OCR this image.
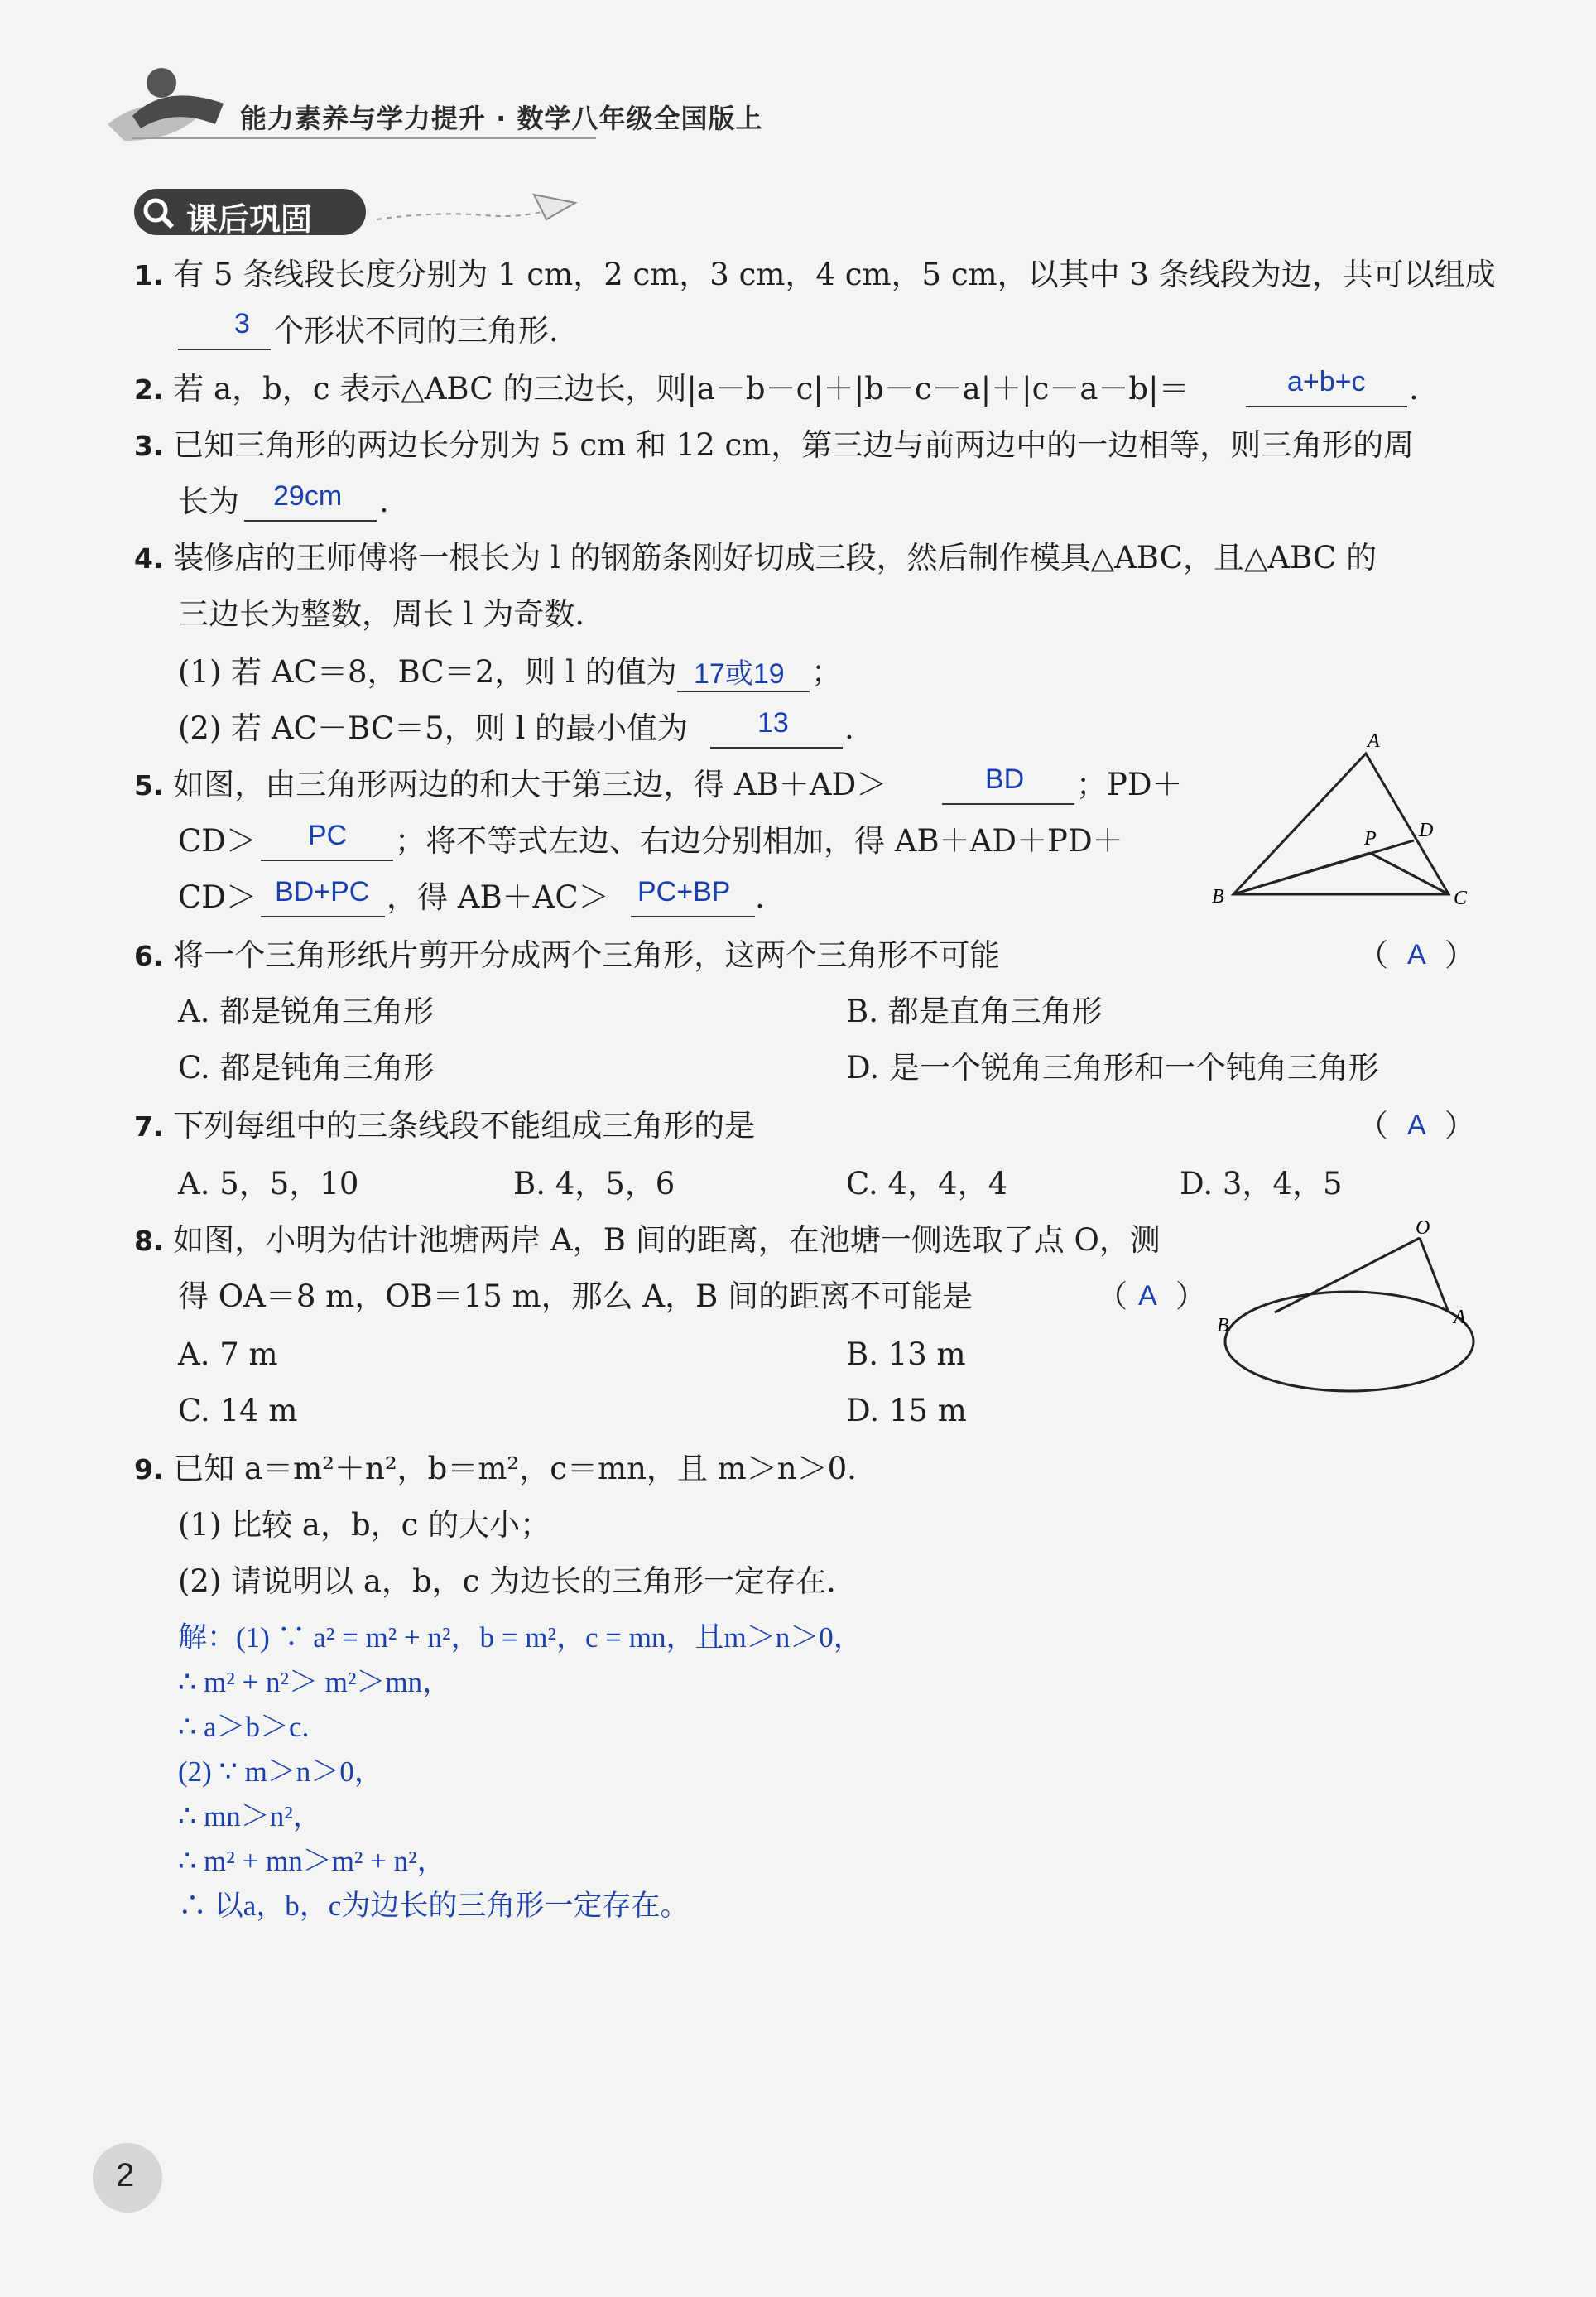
能力素养与学力提升 · 数学八年级全国版上
课后巩固
1. 有 5 条线段长度分别为 1 cm，2 cm，3 cm，4 cm，5 cm，以其中 3 条线段为边，共可以组成
个形状不同的三角形.
3
2. 若 a，b，c 表示△ABC 的三边长，则|a－b－c|＋|b－c－a|＋|c－a－b|＝	a+b+c .
3. 已知三角形的两边长分别为 5 cm 和 12 cm，第三边与前两边中的一边相等，则三角形的周
长为 29cm .
4. 装修店的王师傅将一根长为 l 的钢筋条刚好切成三段，然后制作模具△ABC，且△ABC 的
三边长为整数，周长 l 为奇数.
(1) 若 AC＝8，BC＝2，则 l 的值为 17或19 ；
(2) 若 AC－BC＝5，则 l 的最小值为 13 .
5. 如图，由三角形两边的和大于第三边，得 AB＋AD＞	BD ；PD＋
CD＞ PC ；将不等式左边、右边分别相加，得 AB＋AD＋PD＋
CD＞ BD+PC ，得 AB＋AC＞ PC+BP .
A
B	C
D
P
6. 将一个三角形纸片剪开分成两个三角形，这两个三角形不可能	（ A ）
A. 都是锐角三角形	B. 都是直角三角形
C. 都是钝角三角形	D. 是一个锐角三角形和一个钝角三角形
7. 下列每组中的三条线段不能组成三角形的是	（ A ）
A. 5，5，10	B. 4，5，6	C. 4，4，4	D. 3，4，5
8. 如图，小明为估计池塘两岸 A，B 间的距离，在池塘一侧选取了点 O，测
得 OA＝8 m，OB＝15 m，那么 A，B 间的距离不可能是	（ A ）
A. 7 m	B. 13 m
C. 14 m	D. 15 m
O
A
B
9. 已知 a＝m²＋n²，b＝m²，c＝mn，且 m＞n＞0.
(1) 比较 a，b，c 的大小；
(2) 请说明以 a，b，c 为边长的三角形一定存在.
解：(1) ∵ a² = m² + n²，b = m²，c = mn，且m＞n＞0，
∴ m² + n²＞ m²＞mn，
∴ a＞b＞c.
(2) ∵ m＞n＞0，
∴ mn＞n²，
∴ m² + mn＞m² + n²，
∴ 以a，b，c为边长的三角形一定存在。
2
